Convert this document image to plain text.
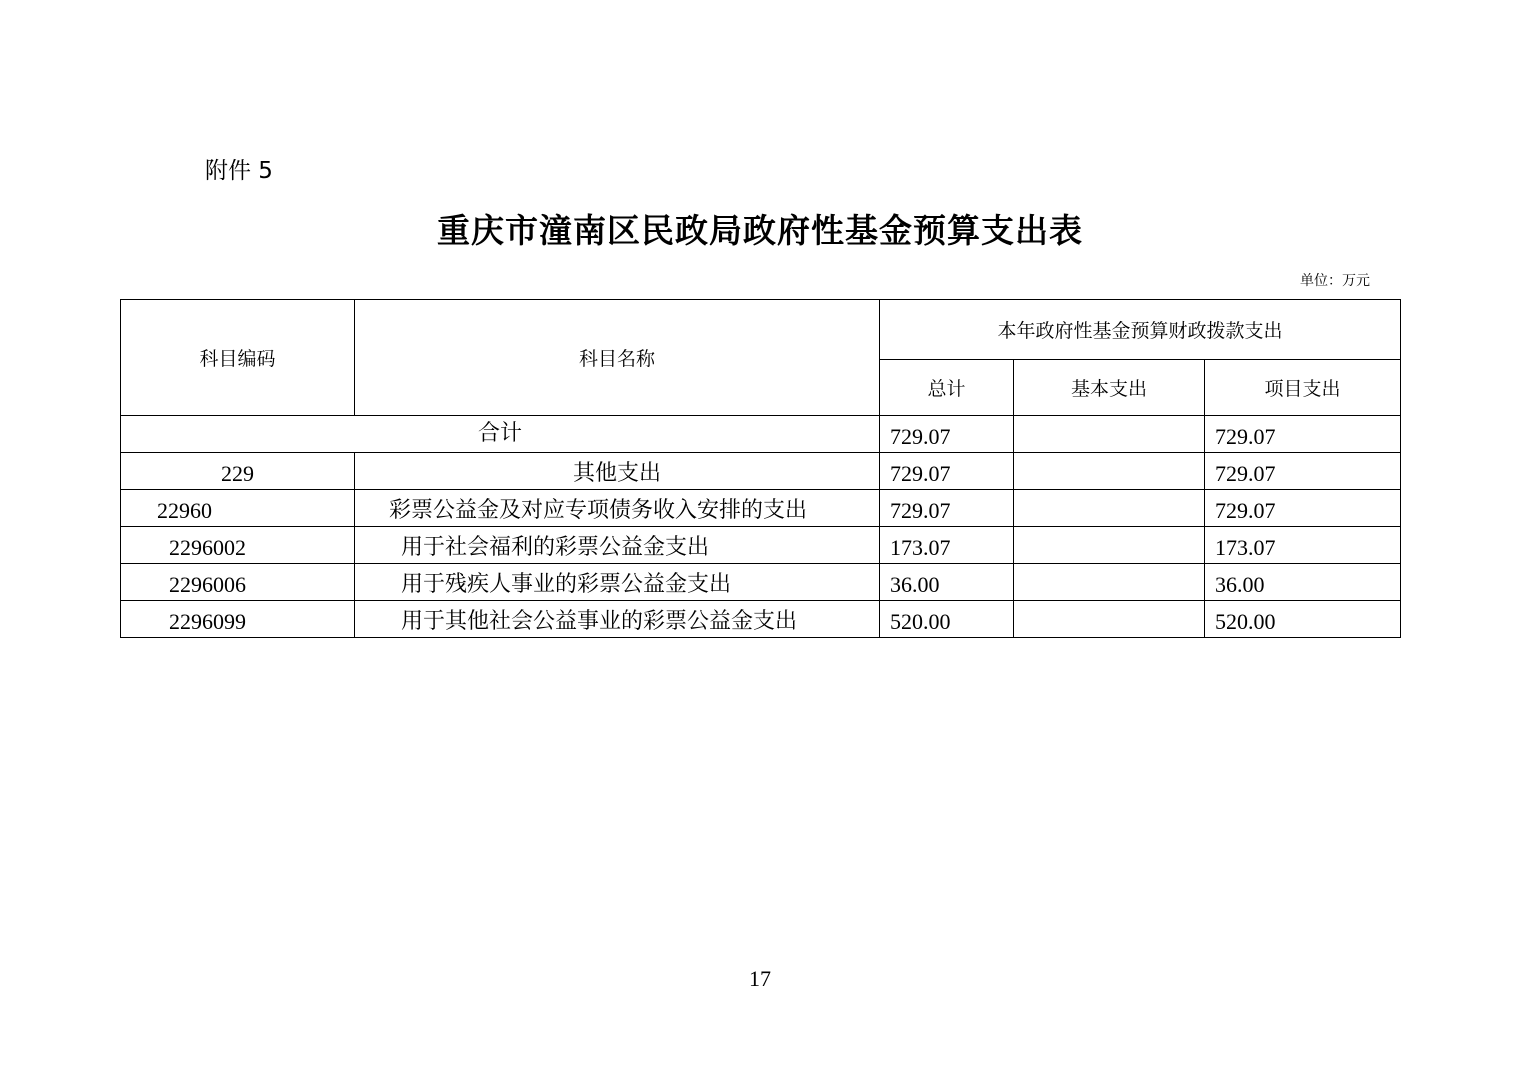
附件 5
重庆市潼南区民政局政府性基金预算支出表
单位：万元
科目编码	科目名称	本年政府性基金预算财政拨款支出		
		总计	基本支出	项目支出
合计		729.07		729.07
229	其他支出	729.07		729.07
22960	彩票公益金及对应专项债务收入安排的支出	729.07		729.07
2296002	用于社会福利的彩票公益金支出	173.07		173.07
2296006	用于残疾人事业的彩票公益金支出	36.00		36.00
2296099	用于其他社会公益事业的彩票公益金支出	520.00		520.00
17
